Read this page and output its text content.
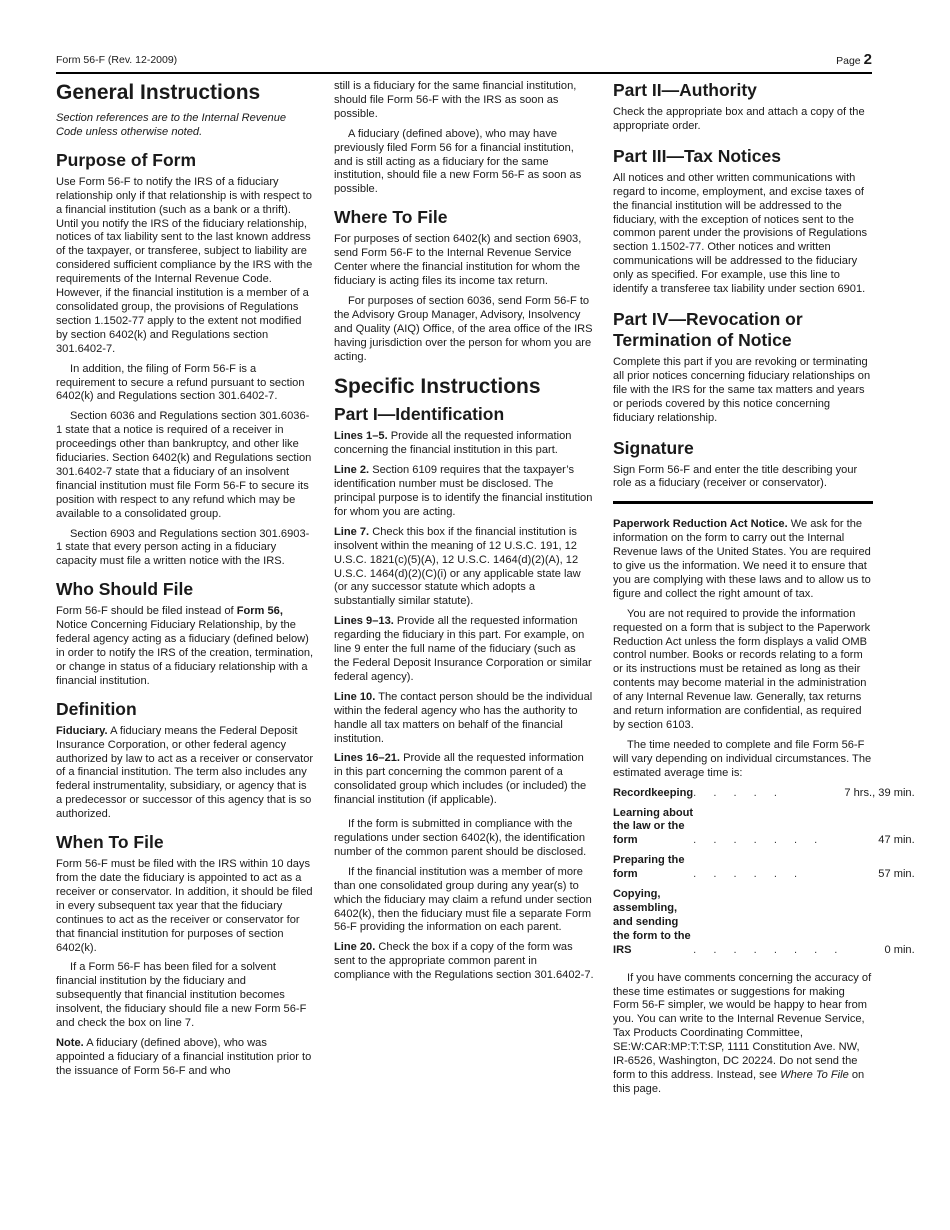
Form 56-F (Rev. 12-2009)	Page 2
General Instructions

Section references are to the Internal Revenue Code unless otherwise noted.

Purpose of Form

Use Form 56-F to notify the IRS of a fiduciary relationship only if that relationship is with respect to a financial institution (such as a bank or a thrift). Until you notify the IRS of the fiduciary relationship, notices of tax liability sent to the last known address of the taxpayer, or transferee, subject to liability are considered sufficient compliance by the IRS with the requirements of the Internal Revenue Code. However, if the financial institution is a member of a consolidated group, the provisions of Regulations section 1.1502-77 apply to the extent not modified by section 6402(k) and Regulations section 301.6402-7.

In addition, the filing of Form 56-F is a requirement to secure a refund pursuant to section 6402(k) and Regulations section 301.6402-7.

Section 6036 and Regulations section 301.6036-1 state that a notice is required of a receiver in proceedings other than bankruptcy, and other like fiduciaries. Section 6402(k) and Regulations section 301.6402-7 state that a fiduciary of an insolvent financial institution must file Form 56-F to secure its position with respect to any refund which may be available to a consolidated group.

Section 6903 and Regulations section 301.6903-1 state that every person acting in a fiduciary capacity must file a written notice with the IRS.

Who Should File

Form 56-F should be filed instead of Form 56, Notice Concerning Fiduciary Relationship, by the federal agency acting as a fiduciary (defined below) in order to notify the IRS of the creation, termination, or change in status of a fiduciary relationship with a financial institution.

Definition

Fiduciary. A fiduciary means the Federal Deposit Insurance Corporation, or other federal agency authorized by law to act as a receiver or conservator of a financial institution. The term also includes any federal instrumentality, subsidiary, or agency that is a predecessor or successor of this agency that is so authorized.

When To File

Form 56-F must be filed with the IRS within 10 days from the date the fiduciary is appointed to act as a receiver or conservator. In addition, it should be filed in every subsequent tax year that the fiduciary continues to act as the receiver or conservator for that financial institution for purposes of section 6402(k).

If a Form 56-F has been filed for a solvent financial institution by the fiduciary and subsequently that financial institution becomes insolvent, the fiduciary should file a new Form 56-F and check the box on line 7.

Note. A fiduciary (defined above), who was appointed a fiduciary of a financial institution prior to the issuance of Form 56-F and who

still is a fiduciary for the same financial institution, should file Form 56-F with the IRS as soon as possible.

A fiduciary (defined above), who may have previously filed Form 56 for a financial institution, and is still acting as a fiduciary for the same institution, should file a new Form 56-F as soon as possible.

Where To File

For purposes of section 6402(k) and section 6903, send Form 56-F to the Internal Revenue Service Center where the financial institution for whom the fiduciary is acting files its income tax return.

For purposes of section 6036, send Form 56-F to the Advisory Group Manager, Advisory, Insolvency and Quality (AIQ) Office, of the area office of the IRS having jurisdiction over the person for whom you are acting.

Specific Instructions
Part I—Identification

Lines 1–5. Provide all the requested information concerning the financial institution in this part.

Line 2. Section 6109 requires that the taxpayer’s identification number must be disclosed. The principal purpose is to identify the financial institution for whom you are acting.

Line 7. Check this box if the financial institution is insolvent within the meaning of 12 U.S.C. 191, 12 U.S.C. 1821(c)(5)(A), 12 U.S.C. 1464(d)(2)(A), 12 U.S.C. 1464(d)(2)(C)(i) or any applicable state law (or any successor statute which adopts a substantially similar statute).

Lines 9–13. Provide all the requested information regarding the fiduciary in this part. For example, on line 9 enter the full name of the fiduciary (such as the Federal Deposit Insurance Corporation or similar federal agency).

Line 10. The contact person should be the individual within the federal agency who has the authority to handle all tax matters on behalf of the financial institution.

Lines 16–21. Provide all the requested information in this part concerning the common parent of a consolidated group which includes (or included) the financial institution (if applicable).

If the form is submitted in compliance with the regulations under section 6402(k), the identification number of the common parent should be disclosed.

If the financial institution was a member of more than one consolidated group during any year(s) to which the fiduciary may claim a refund under section 6402(k), then the fiduciary must file a separate Form 56-F providing the information on each parent.

Line 20. Check the box if a copy of the form was sent to the appropriate common parent in compliance with the Regulations section 301.6402-7.

Part II—Authority

Check the appropriate box and attach a copy of the appropriate order.

Part III—Tax Notices

All notices and other written communications with regard to income, employment, and excise taxes of the financial institution will be addressed to the fiduciary, with the exception of notices sent to the common parent under the provisions of Regulations section 1.1502-77. Other notices and written communications will be addressed to the fiduciary only as specified. For example, use this line to identify a transferee tax liability under section 6901.

Part IV—Revocation or Termination of Notice

Complete this part if you are revoking or terminating all prior notices concerning fiduciary relationships on file with the IRS for the same tax matters and years or periods covered by this notice concerning fiduciary relationship.

Signature

Sign Form 56-F and enter the title describing your role as a fiduciary (receiver or conservator).

Paperwork Reduction Act Notice. We ask for the information on the form to carry out the Internal Revenue laws of the United States. You are required to give us the information. We need it to ensure that you are complying with these laws and to allow us to figure and collect the right amount of tax.

You are not required to provide the information requested on a form that is subject to the Paperwork Reduction Act unless the form displays a valid OMB control number. Books or records relating to a form or its instructions must be retained as long as their contents may become material in the administration of any Internal Revenue law. Generally, tax returns and return information are confidential, as required by section 6103.

The time needed to complete and file Form 56-F will vary depending on individual circumstances. The estimated average time is:

Recordkeeping	. . . . .	7 hrs., 39 min.
Learning about the law or the form	. . . . . . .	47 min.
Preparing the form	. . . . . .	57 min.
Copying, assembling, and sending the form to the IRS	. . . . . . . .	0 min.

If you have comments concerning the accuracy of these time estimates or suggestions for making Form 56-F simpler, we would be happy to hear from you. You can write to the Internal Revenue Service, Tax Products Coordinating Committee, SE:W:CAR:MP:T:T:SP, 1111 Constitution Ave. NW, IR-6526, Washington, DC 20224. Do not send the form to this address. Instead, see Where To File on this page.
